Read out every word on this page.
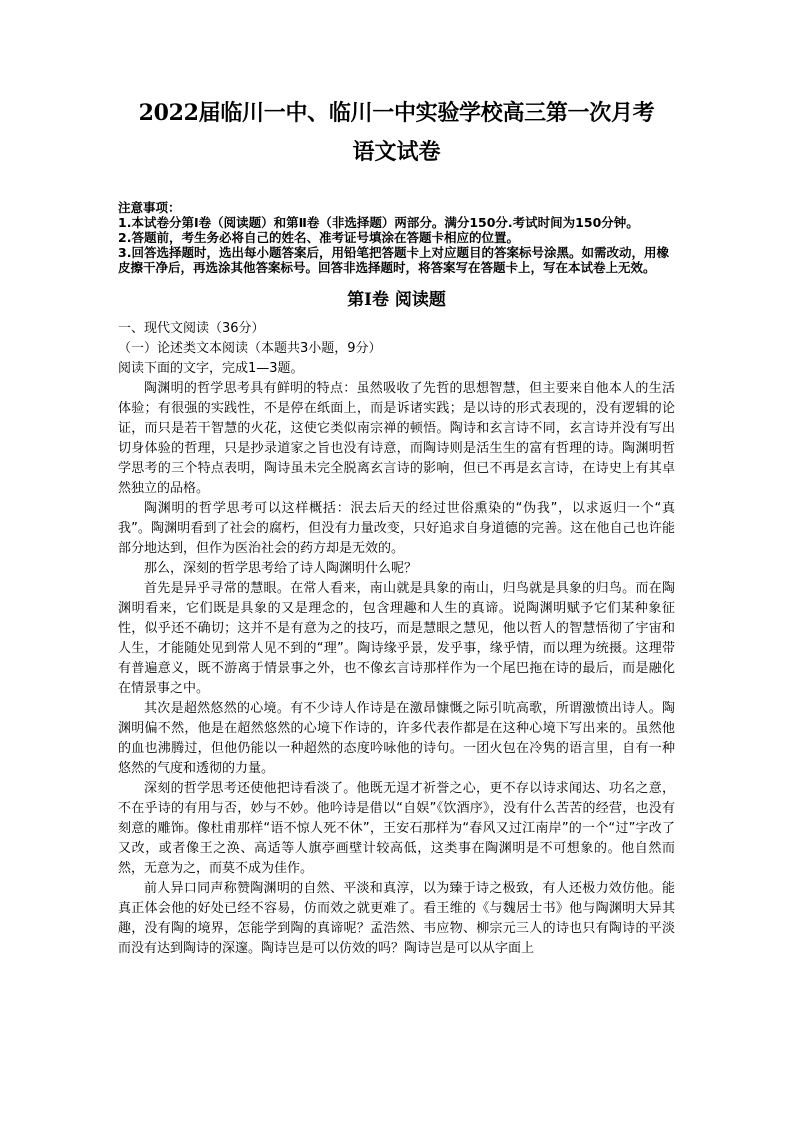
2022届临川一中、临川一中实验学校高三第一次月考
语文试卷

注意事项：

1.本试卷分第Ⅰ卷（阅读题）和第Ⅱ卷（非选择题）两部分。满分150分.考试时间为150分钟。

2.答题前，考生务必将自己的姓名、准考证号填涂在答题卡相应的位置。

3.回答选择题时，选出每小题答案后，用铅笔把答题卡上对应题目的答案标号涂黑。如需改动，用橡皮擦干净后，再选涂其他答案标号。回答非选择题时，将答案写在答题卡上，写在本试卷上无效。

第Ⅰ卷 阅读题

一、现代文阅读（36分）

（一）论述类文本阅读（本题共3小题，9分）

阅读下面的文字，完成1—3题。

陶渊明的哲学思考具有鲜明的特点：虽然吸收了先哲的思想智慧，但主要来自他本人的生活体验；有很强的实践性，不是停在纸面上，而是诉诸实践；是以诗的形式表现的，没有逻辑的论证，而只是若干智慧的火花，这使它类似南宗禅的顿悟。陶诗和玄言诗不同，玄言诗并没有写出切身体验的哲理，只是抄录道家之旨也没有诗意，而陶诗则是活生生的富有哲理的诗。陶渊明哲学思考的三个特点表明，陶诗虽未完全脱离玄言诗的影响，但已不再是玄言诗，在诗史上有其卓然独立的品格。

陶渊明的哲学思考可以这样概括：泯去后天的经过世俗熏染的“伪我”，以求返归一个“真我”。陶渊明看到了社会的腐朽，但没有力量改变，只好追求自身道德的完善。这在他自己也许能部分地达到，但作为医治社会的药方却是无效的。

那么，深刻的哲学思考给了诗人陶渊明什么呢？

首先是异乎寻常的慧眼。在常人看来，南山就是具象的南山，归鸟就是具象的归鸟。而在陶渊明看来，它们既是具象的又是理念的，包含理趣和人生的真谛。说陶渊明赋予它们某种象征性，似乎还不确切；这并不是有意为之的技巧，而是慧眼之慧见，他以哲人的智慧悟彻了宇宙和人生，才能随处见到常人见不到的“理”。陶诗缘乎景，发乎事，缘乎情，而以理为统摄。这理带有普遍意义，既不游离于情景事之外，也不像玄言诗那样作为一个尾巴拖在诗的最后，而是融化在情景事之中。

其次是超然悠然的心境。有不少诗人作诗是在激昂慷慨之际引吭高歌，所谓激愤出诗人。陶渊明偏不然，他是在超然悠然的心境下作诗的，许多代表作都是在这种心境下写出来的。虽然他的血也沸腾过，但他仍能以一种超然的态度吟咏他的诗句。一团火包在冷隽的语言里，自有一种悠然的气度和透彻的力量。

深刻的哲学思考还使他把诗看淡了。他既无逞才祈誉之心，更不存以诗求闻达、功名之意，不在乎诗的有用与否，妙与不妙。他吟诗是借以“自娱”《饮酒序》，没有什么苦苦的经营，也没有刻意的雕饰。像杜甫那样“语不惊人死不休”，王安石那样为“春风又过江南岸”的一个“过”字改了又改，或者像王之涣、高适等人旗亭画壁计较高低，这类事在陶渊明是不可想象的。他自然而然，无意为之，而莫不成为佳作。

前人异口同声称赞陶渊明的自然、平淡和真淳，以为臻于诗之极致，有人还极力效仿他。能真正体会他的好处已经不容易，仿而效之就更难了。看王维的《与魏居士书》他与陶渊明大异其趣，没有陶的境界，怎能学到陶的真谛呢？孟浩然、韦应物、柳宗元三人的诗也只有陶诗的平淡而没有达到陶诗的深邃。陶诗岂是可以仿效的吗？陶诗岂是可以从字面上
